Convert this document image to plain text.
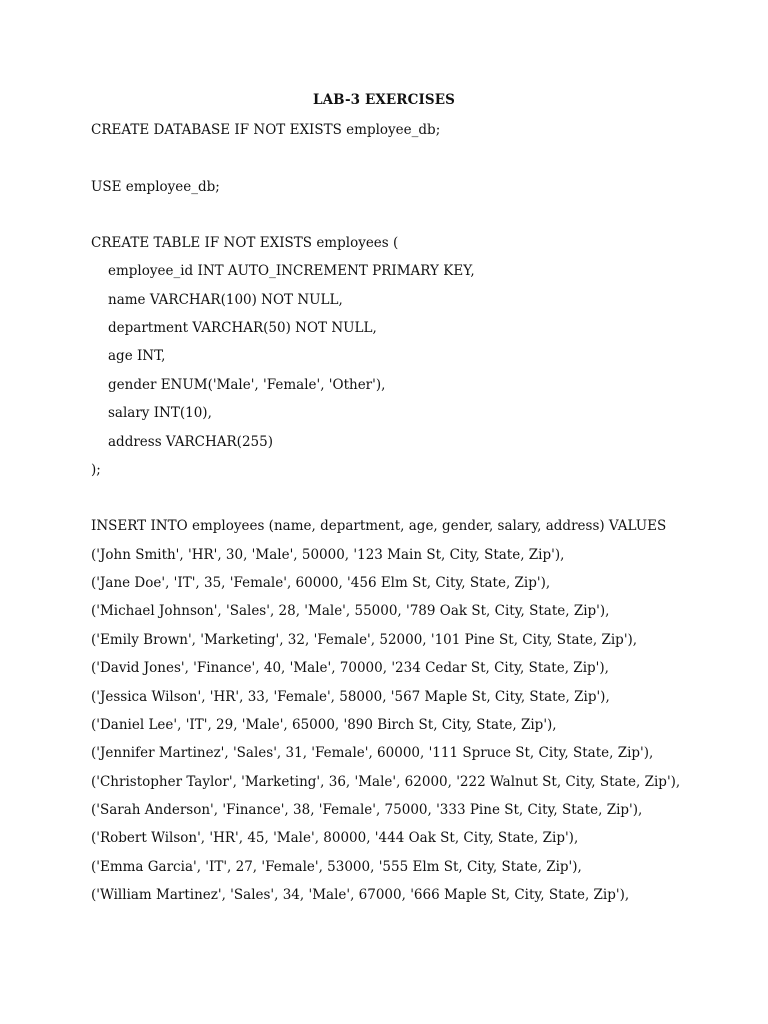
LAB-3 EXERCISES
CREATE DATABASE IF NOT EXISTS employee_db;
USE employee_db;
CREATE TABLE IF NOT EXISTS employees (
employee_id INT AUTO_INCREMENT PRIMARY KEY,
name VARCHAR(100) NOT NULL,
department VARCHAR(50) NOT NULL,
age INT,
gender ENUM('Male', 'Female', 'Other'),
salary INT(10),
address VARCHAR(255)
);
INSERT INTO employees (name, department, age, gender, salary, address) VALUES
('John Smith', 'HR', 30, 'Male', 50000, '123 Main St, City, State, Zip'),
('Jane Doe', 'IT', 35, 'Female', 60000, '456 Elm St, City, State, Zip'),
('Michael Johnson', 'Sales', 28, 'Male', 55000, '789 Oak St, City, State, Zip'),
('Emily Brown', 'Marketing', 32, 'Female', 52000, '101 Pine St, City, State, Zip'),
('David Jones', 'Finance', 40, 'Male', 70000, '234 Cedar St, City, State, Zip'),
('Jessica Wilson', 'HR', 33, 'Female', 58000, '567 Maple St, City, State, Zip'),
('Daniel Lee', 'IT', 29, 'Male', 65000, '890 Birch St, City, State, Zip'),
('Jennifer Martinez', 'Sales', 31, 'Female', 60000, '111 Spruce St, City, State, Zip'),
('Christopher Taylor', 'Marketing', 36, 'Male', 62000, '222 Walnut St, City, State, Zip'),
('Sarah Anderson', 'Finance', 38, 'Female', 75000, '333 Pine St, City, State, Zip'),
('Robert Wilson', 'HR', 45, 'Male', 80000, '444 Oak St, City, State, Zip'),
('Emma Garcia', 'IT', 27, 'Female', 53000, '555 Elm St, City, State, Zip'),
('William Martinez', 'Sales', 34, 'Male', 67000, '666 Maple St, City, State, Zip'),
